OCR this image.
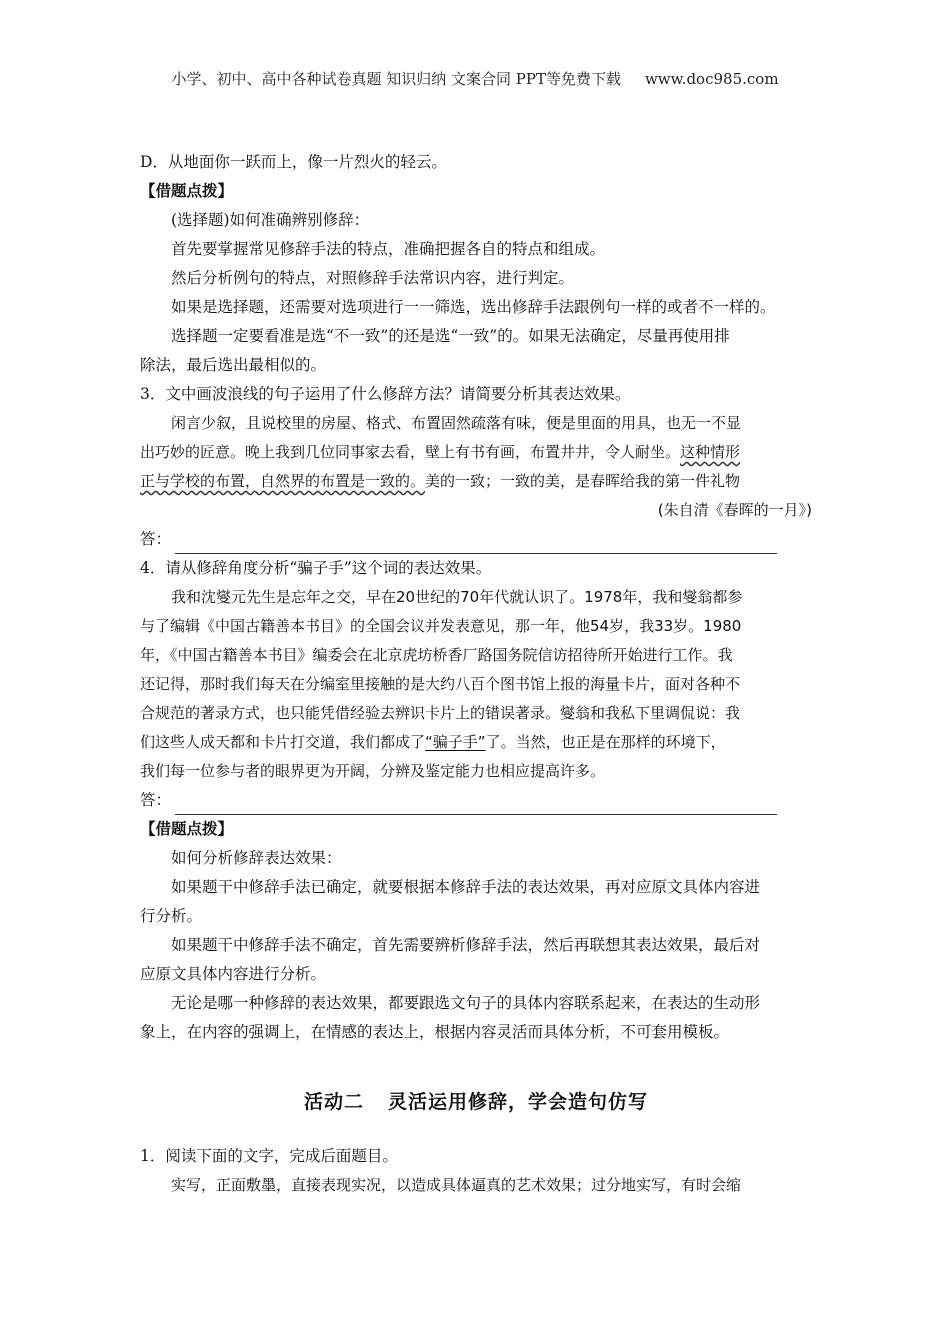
小学、初中、高中各种试卷真题 知识归纳 文案合同 PPT等免费下载 www.doc985.com
D．从地面你一跃而上，像一片烈火的轻云。
【借题点拨】
(选择题)如何准确辨别修辞：
首先要掌握常见修辞手法的特点，准确把握各自的特点和组成。
然后分析例句的特点，对照修辞手法常识内容，进行判定。
如果是选择题，还需要对选项进行一一筛选，选出修辞手法跟例句一样的或者不一样的。
选择题一定要看准是选“不一致”的还是选“一致”的。如果无法确定，尽量再使用排
除法，最后选出最相似的。
3．文中画波浪线的句子运用了什么修辞方法？请简要分析其表达效果。
闲言少叙，且说校里的房屋、格式、布置固然疏落有味，便是里面的用具，也无一不显
出巧妙的匠意。晚上我到几位同事家去看，壁上有书有画，布置井井，令人耐坐。这种情形
正与学校的布置，自然界的布置是一致的。美的一致；一致的美，是春晖给我的第一件礼物
(朱自清《春晖的一月》)
答：
4．请从修辞角度分析“骗子手”这个词的表达效果。
我和沈燮元先生是忘年之交，早在20世纪的70年代就认识了。1978年，我和燮翁都参
与了编辑《中国古籍善本书目》的全国会议并发表意见，那一年，他54岁，我33岁。1980
年，《中国古籍善本书目》编委会在北京虎坊桥香厂路国务院信访招待所开始进行工作。我
还记得，那时我们每天在分编室里接触的是大约八百个图书馆上报的海量卡片，面对各种不
合规范的著录方式，也只能凭借经验去辨识卡片上的错误著录。燮翁和我私下里调侃说：我
们这些人成天都和卡片打交道，我们都成了“骗子手”了。当然，也正是在那样的环境下，
我们每一位参与者的眼界更为开阔，分辨及鉴定能力也相应提高许多。
答：
【借题点拨】
如何分析修辞表达效果：
如果题干中修辞手法已确定，就要根据本修辞手法的表达效果，再对应原文具体内容进
行分析。
如果题干中修辞手法不确定，首先需要辨析修辞手法，然后再联想其表达效果，最后对
应原文具体内容进行分析。
无论是哪一种修辞的表达效果，都要跟选文句子的具体内容联系起来，在表达的生动形
象上，在内容的强调上，在情感的表达上，根据内容灵活而具体分析，不可套用模板。
活动二 灵活运用修辞，学会造句仿写
1．阅读下面的文字，完成后面题目。
实写，正面敷墨，直接表现实况，以造成具体逼真的艺术效果；过分地实写，有时会缩
